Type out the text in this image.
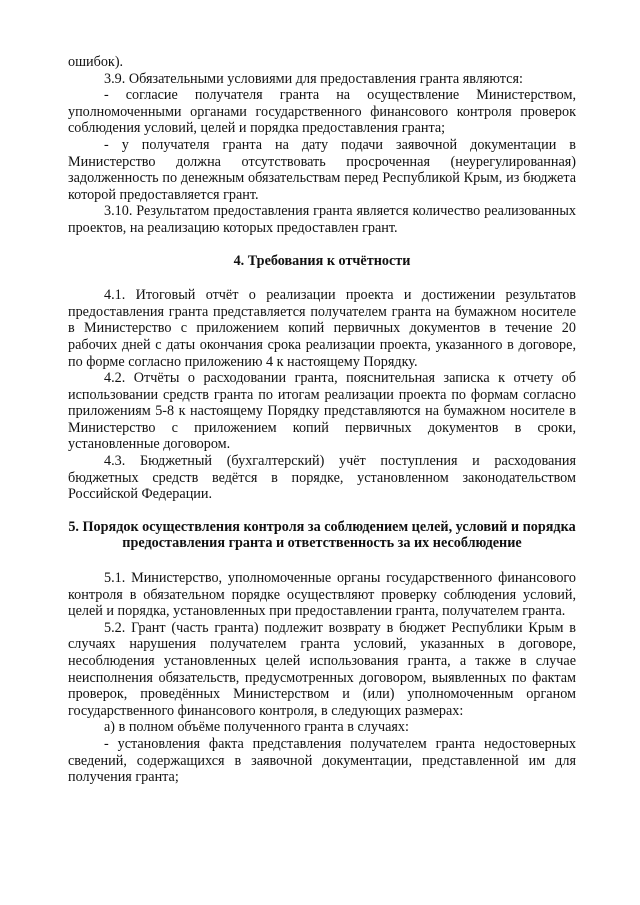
ошибок).

3.9. Обязательными условиями для предоставления гранта являются:

- согласие получателя гранта на осуществление Министерством, уполномоченными органами государственного финансового контроля проверок соблюдения условий, целей и порядка предоставления гранта;

- у получателя гранта на дату подачи заявочной документации в Министерство должна отсутствовать просроченная (неурегулированная) задолженность по денежным обязательствам перед Республикой Крым, из бюджета которой предоставляется грант.

3.10. Результатом предоставления гранта является количество реализованных проектов, на реализацию которых предоставлен грант.

4. Требования к отчётности

4.1. Итоговый отчёт о реализации проекта и достижении результатов предоставления гранта представляется получателем гранта на бумажном носителе в Министерство с приложением копий первичных документов в течение 20 рабочих дней с даты окончания срока реализации проекта, указанного в договоре, по форме согласно приложению 4 к настоящему Порядку.

4.2. Отчёты о расходовании гранта, пояснительная записка к отчету об использовании средств гранта по итогам реализации проекта по формам согласно приложениям 5-8 к настоящему Порядку представляются на бумажном носителе в Министерство с приложением копий первичных документов в сроки, установленные договором.

4.3. Бюджетный (бухгалтерский) учёт поступления и расходования бюджетных средств ведётся в порядке, установленном законодательством Российской Федерации.

5. Порядок осуществления контроля за соблюдением целей, условий и порядка предоставления гранта и ответственность за их несоблюдение

5.1. Министерство, уполномоченные органы государственного финансового контроля в обязательном порядке осуществляют проверку соблюдения условий, целей и порядка, установленных при предоставлении гранта, получателем гранта.

5.2. Грант (часть гранта) подлежит возврату в бюджет Республики Крым в случаях нарушения получателем гранта условий, указанных в договоре, несоблюдения установленных целей использования гранта, а также в случае неисполнения обязательств, предусмотренных договором, выявленных по фактам проверок, проведённых Министерством и (или) уполномоченным органом государственного финансового контроля, в следующих размерах:

а) в полном объёме полученного гранта в случаях:

- установления факта представления получателем гранта недостоверных сведений, содержащихся в заявочной документации, представленной им для получения гранта;
